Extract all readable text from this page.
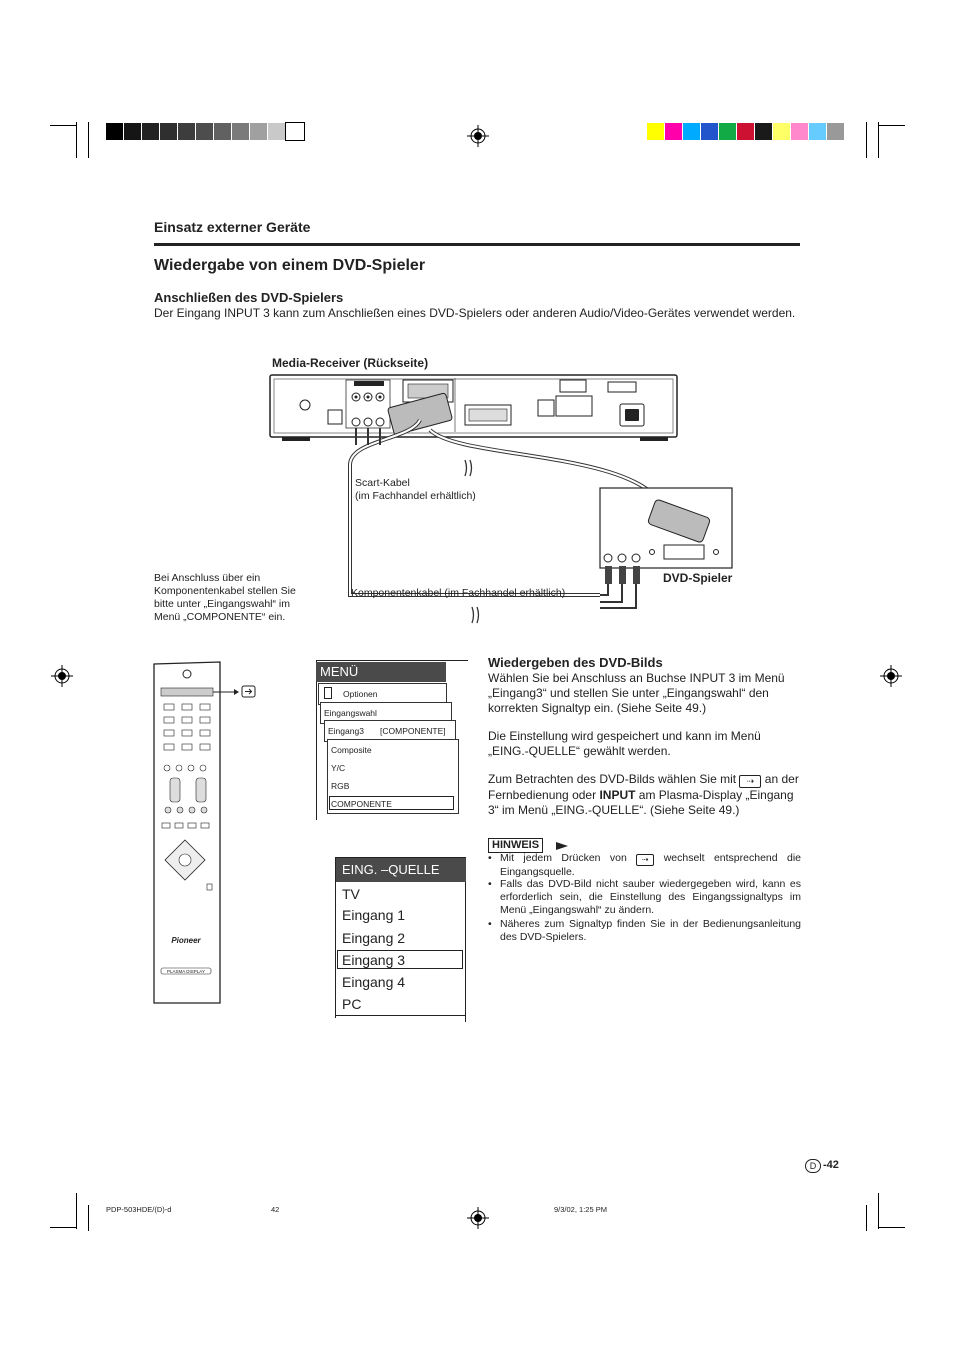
Einsatz externer Geräte
Wiedergabe von einem DVD-Spieler
Anschließen des DVD-Spielers
Der Eingang INPUT 3 kann zum Anschließen eines DVD-Spielers oder anderen Audio/Video-Gerätes verwendet werden.
Media-Receiver (Rückseite)
Scart-Kabel
(im Fachhandel erhältlich)
DVD-Spieler
Komponentenkabel (im Fachhandel erhältlich)
Bei Anschluss über ein
Komponentenkabel stellen Sie
bitte unter „Eingangswahl“ im
Menü „COMPONENTE“ ein.
Pioneer
PLASMA DISPLAY
MENÜ
Optionen
Eingangswahl
Eingang3 [COMPONENTE]
Composite
Y/C
RGB
COMPONENTE
EING. –QUELLE
TV
Eingang 1
Eingang 2
Eingang 3
Eingang 4
PC
Wiedergeben des DVD-Bilds
Wählen Sie bei Anschluss an Buchse INPUT 3 im Menü „Eingang3“ und stellen Sie unter „Eingangswahl“ den korrekten Signaltyp ein. (Siehe Seite 49.)
Die Einstellung wird gespeichert und kann im Menü „EING.-QUELLE“ gewählt werden.
Zum Betrachten des DVD-Bilds wählen Sie mit ⇢ an der Fernbedienung oder INPUT am Plasma-Display „Eingang 3“ im Menü „EING.-QUELLE“. (Siehe Seite 49.)
HINWEIS
• Mit jedem Drücken von ⇢ wechselt entsprechend die Eingangsquelle.
• Falls das DVD-Bild nicht sauber wiedergegeben wird, kann es erforderlich sein, die Einstellung des Eingangssignaltyps im Menü „Eingangswahl“ zu ändern.
• Näheres zum Signaltyp finden Sie in der Bedienungsanleitung des DVD-Spielers.
D -42
PDP-503HDE/(D)-d	42	9/3/02, 1:25 PM
